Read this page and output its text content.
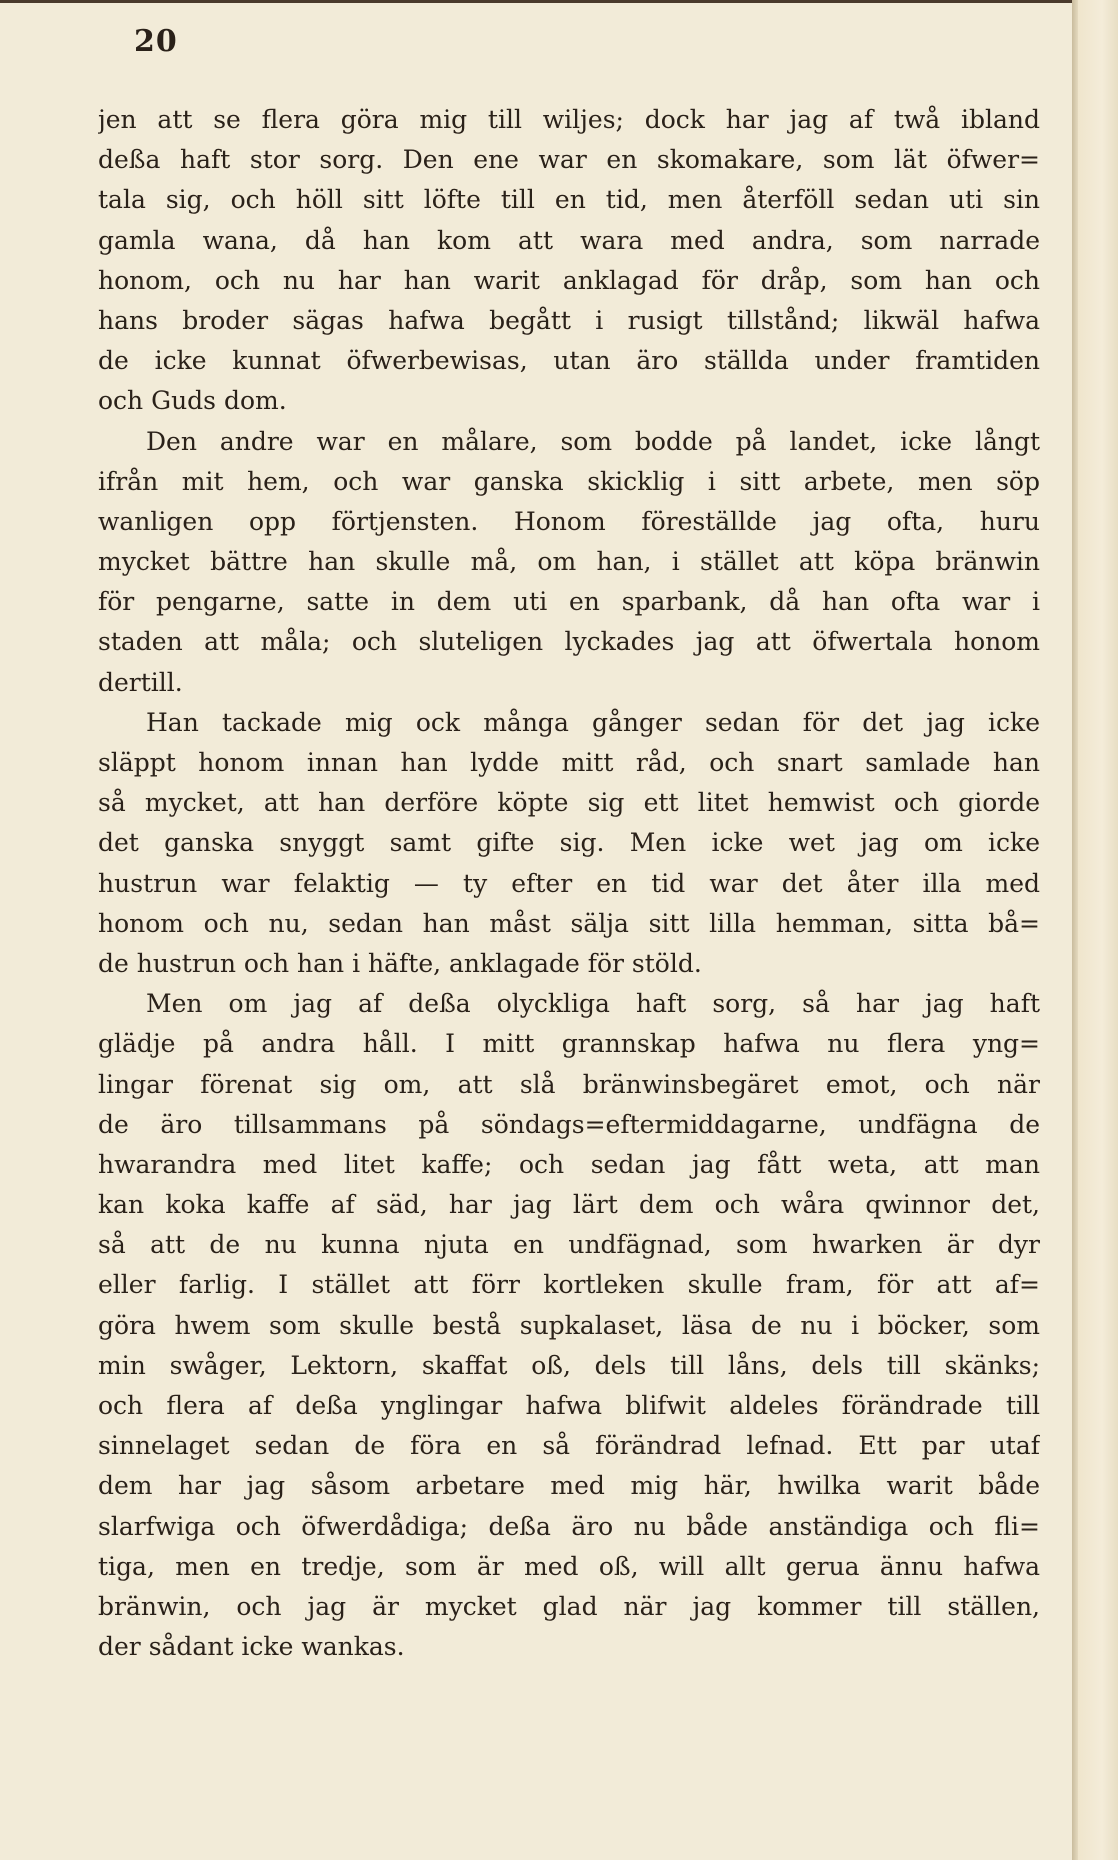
20
jen att se flera göra mig till wiljes; dock har jag af twå ibland
deßa haft stor sorg. Den ene war en skomakare, som lät öfwer=
tala sig, och höll sitt löfte till en tid, men återföll sedan uti sin
gamla wana, då han kom att wara med andra, som narrade
honom, och nu har han warit anklagad för dråp, som han och
hans broder sägas hafwa begått i rusigt tillstånd; likwäl hafwa
de icke kunnat öfwerbewisas, utan äro ställda under framtiden
och Guds dom.
Den andre war en målare, som bodde på landet, icke långt
ifrån mit hem, och war ganska skicklig i sitt arbete, men söp
wanligen opp förtjensten. Honom föreställde jag ofta, huru
mycket bättre han skulle må, om han, i stället att köpa bränwin
för pengarne, satte in dem uti en sparbank, då han ofta war i
staden att måla; och sluteligen lyckades jag att öfwertala honom
dertill.
Han tackade mig ock många gånger sedan för det jag icke
släppt honom innan han lydde mitt råd, och snart samlade han
så mycket, att han derföre köpte sig ett litet hemwist och giorde
det ganska snyggt samt gifte sig. Men icke wet jag om icke
hustrun war felaktig — ty efter en tid war det åter illa med
honom och nu, sedan han måst sälja sitt lilla hemman, sitta bå=
de hustrun och han i häfte, anklagade för stöld.
Men om jag af deßa olyckliga haft sorg, så har jag haft
glädje på andra håll. I mitt grannskap hafwa nu flera yng=
lingar förenat sig om, att slå bränwinsbegäret emot, och när
de äro tillsammans på söndags=eftermiddagarne, undfägna de
hwarandra med litet kaffe; och sedan jag fått weta, att man
kan koka kaffe af säd, har jag lärt dem och wåra qwinnor det,
så att de nu kunna njuta en undfägnad, som hwarken är dyr
eller farlig. I stället att förr kortleken skulle fram, för att af=
göra hwem som skulle bestå supkalaset, läsa de nu i böcker, som
min swåger, Lektorn, skaffat oß, dels till låns, dels till skänks;
och flera af deßa ynglingar hafwa blifwit aldeles förändrade till
sinnelaget sedan de föra en så förändrad lefnad. Ett par utaf
dem har jag såsom arbetare med mig här, hwilka warit både
slarfwiga och öfwerdådiga; deßa äro nu både anständiga och fli=
tiga, men en tredje, som är med oß, will allt gerua ännu hafwa
bränwin, och jag är mycket glad när jag kommer till ställen,
der sådant icke wankas.
